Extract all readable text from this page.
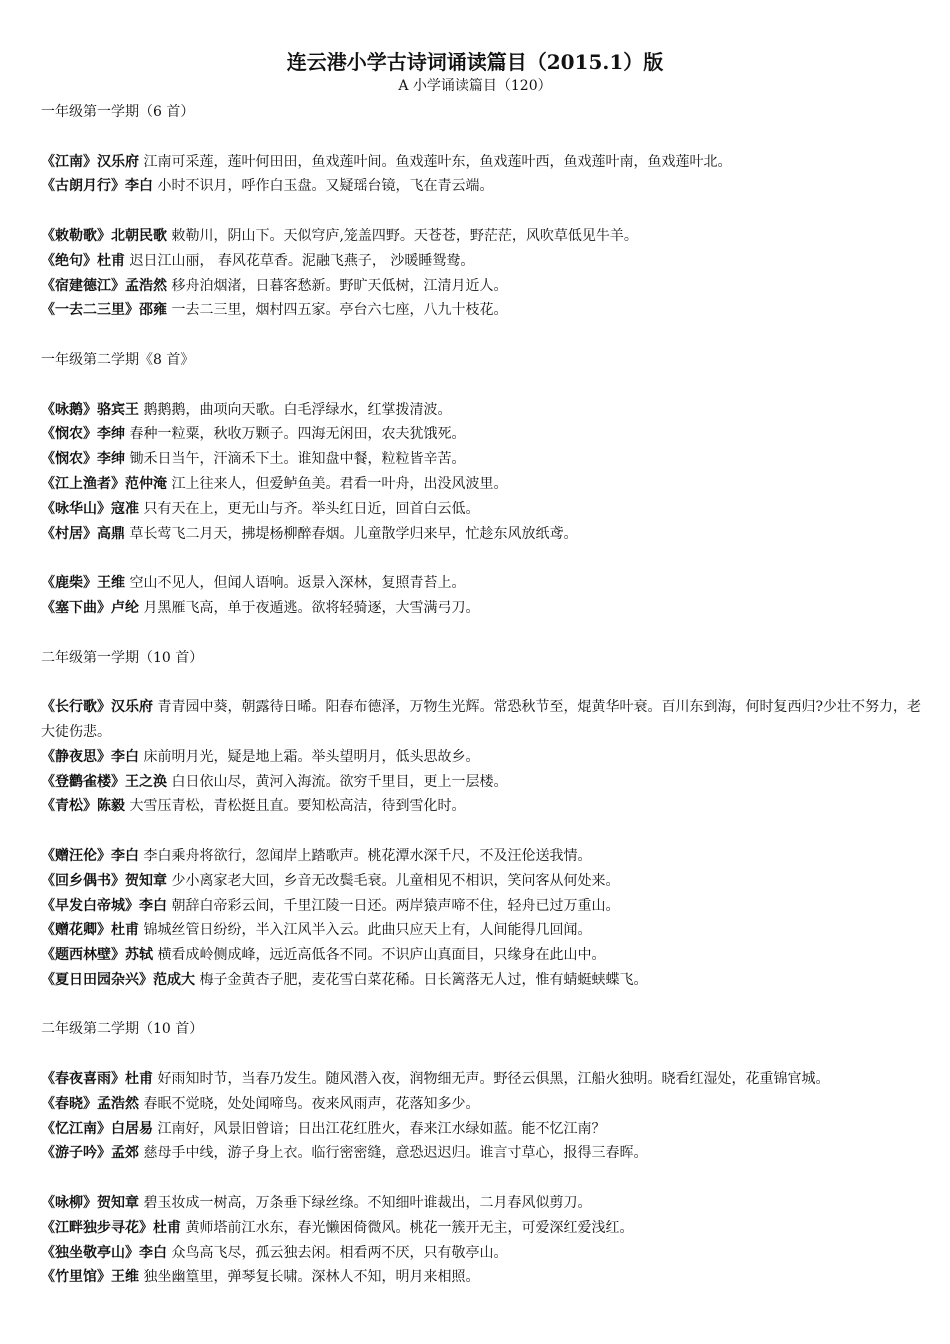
连云港小学古诗词诵读篇目（2015.1）版
A 小学诵读篇目（120）
一年级第一学期（6 首）
《江南》汉乐府 江南可采莲，莲叶何田田，鱼戏莲叶间。鱼戏莲叶东，鱼戏莲叶西，鱼戏莲叶南，鱼戏莲叶北。
《古朗月行》李白 小时不识月，呼作白玉盘。又疑瑶台镜，飞在青云端。
《敕勒歌》北朝民歌 敕勒川，阴山下。天似穹庐,笼盖四野。天苍苍，野茫茫，风吹草低见牛羊。
《绝句》杜甫 迟日江山丽， 春风花草香。泥融飞燕子， 沙暖睡鸳鸯。
《宿建德江》孟浩然 移舟泊烟渚，日暮客愁新。野旷天低树，江清月近人。
《一去二三里》邵雍 一去二三里，烟村四五家。亭台六七座，八九十枝花。
一年级第二学期《8 首》
《咏鹅》骆宾王 鹅鹅鹅，曲项向天歌。白毛浮绿水，红掌拨清波。
《悯农》李绅 春种一粒粟，秋收万颗子。四海无闲田，农夫犹饿死。
《悯农》李绅 锄禾日当午，汗滴禾下土。谁知盘中餐，粒粒皆辛苦。
《江上渔者》范仲淹 江上往来人，但爱鲈鱼美。君看一叶舟，出没风波里。
《咏华山》寇准 只有天在上，更无山与齐。举头红日近，回首白云低。
《村居》高鼎 草长莺飞二月天，拂堤杨柳醉春烟。儿童散学归来早，忙趁东风放纸鸢。
《鹿柴》王维 空山不见人，但闻人语响。返景入深林，复照青苔上。
《塞下曲》卢纶 月黑雁飞高，单于夜遁逃。欲将轻骑逐，大雪满弓刀。
二年级第一学期（10 首）
《长行歌》汉乐府 青青园中葵，朝露待日晞。阳春布德泽，万物生光辉。常恐秋节至，焜黄华叶衰。百川东到海，何时复西归?少壮不努力，老大徒伤悲。
《静夜思》李白 床前明月光，疑是地上霜。举头望明月，低头思故乡。
《登鹳雀楼》王之涣 白日依山尽，黄河入海流。欲穷千里目，更上一层楼。
《青松》陈毅 大雪压青松，青松挺且直。要知松高洁，待到雪化时。
《赠汪伦》李白 李白乘舟将欲行，忽闻岸上踏歌声。桃花潭水深千尺，不及汪伦送我情。
《回乡偶书》贺知章 少小离家老大回，乡音无改鬓毛衰。儿童相见不相识，笑问客从何处来。
《早发白帝城》李白 朝辞白帝彩云间，千里江陵一日还。两岸猿声啼不住，轻舟已过万重山。
《赠花卿》杜甫 锦城丝管日纷纷，半入江风半入云。此曲只应天上有，人间能得几回闻。
《题西林壁》苏轼 横看成岭侧成峰，远近高低各不同。不识庐山真面目，只缘身在此山中。
《夏日田园杂兴》范成大 梅子金黄杏子肥，麦花雪白菜花稀。日长篱落无人过，惟有蜻蜓蛱蝶飞。
二年级第二学期（10 首）
《春夜喜雨》杜甫 好雨知时节，当春乃发生。随风潜入夜，润物细无声。野径云俱黑，江船火独明。晓看红湿处，花重锦官城。
《春晓》孟浩然 春眠不觉晓，处处闻啼鸟。夜来风雨声，花落知多少。
《忆江南》白居易 江南好，风景旧曾谙；日出江花红胜火，春来江水绿如蓝。能不忆江南？
《游子吟》孟郊 慈母手中线，游子身上衣。临行密密缝，意恐迟迟归。谁言寸草心，报得三春晖。
《咏柳》贺知章 碧玉妆成一树高，万条垂下绿丝绦。不知细叶谁裁出，二月春风似剪刀。
《江畔独步寻花》杜甫 黄师塔前江水东，春光懒困倚微风。桃花一簇开无主，可爱深红爱浅红。
《独坐敬亭山》李白 众鸟高飞尽，孤云独去闲。相看两不厌，只有敬亭山。
《竹里馆》王维 独坐幽篁里，弹琴复长啸。深林人不知，明月来相照。
